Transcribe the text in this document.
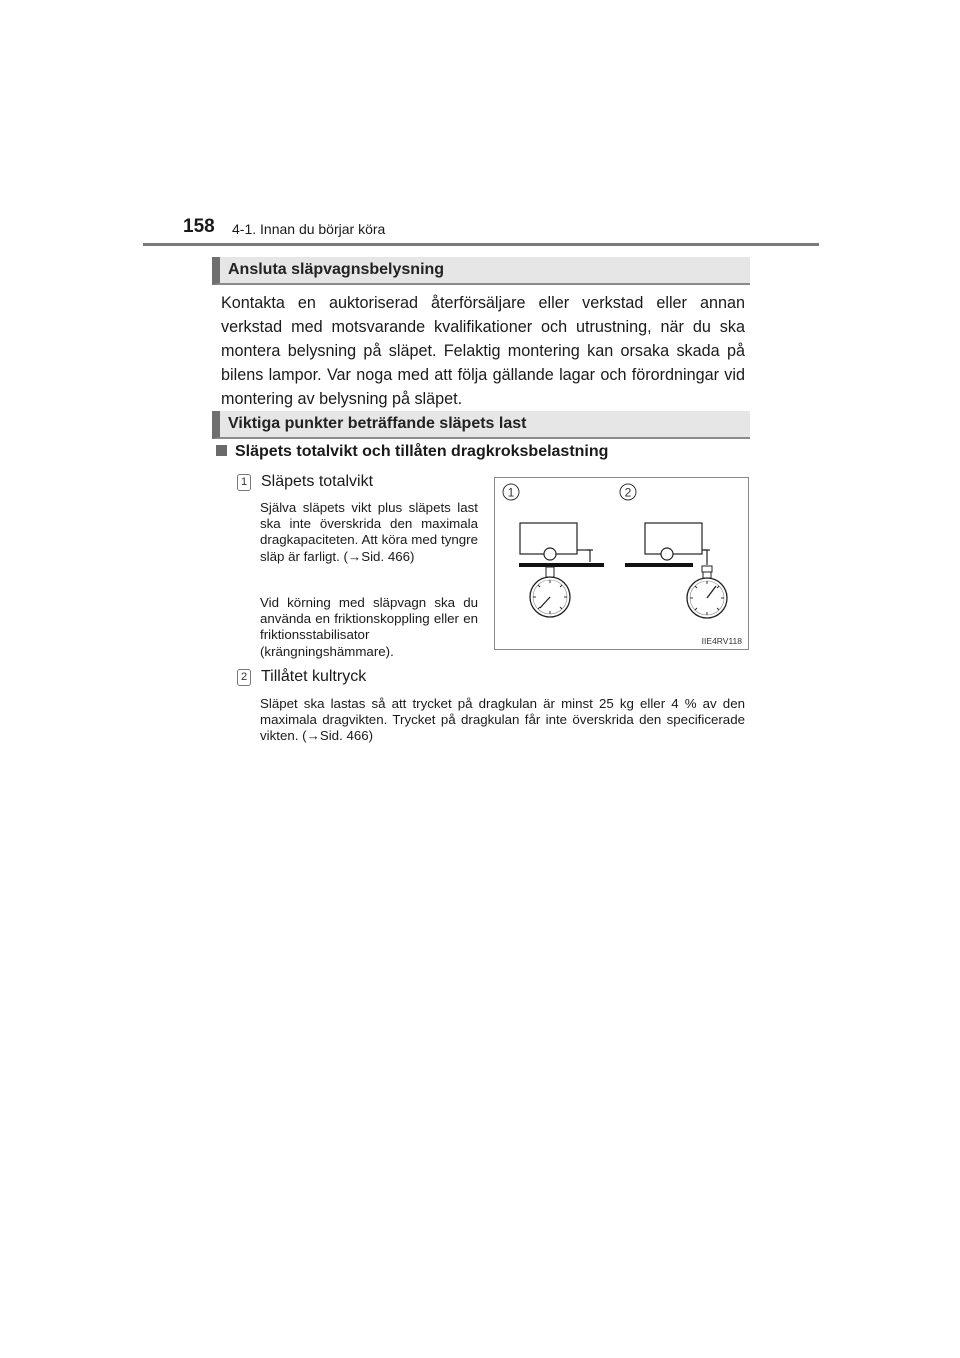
158 4-1. Innan du börjar köra
Ansluta släpvagnsbelysning
Kontakta en auktoriserad återförsäljare eller verkstad eller annan verkstad med motsvarande kvalifikationer och utrustning, när du ska montera belysning på släpet. Felaktig montering kan orsaka skada på bilens lampor. Var noga med att följa gällande lagar och förordningar vid montering av belysning på släpet.
Viktiga punkter beträffande släpets last
Släpets totalvikt och tillåten dragkroksbelastning
1 Släpets totalvikt
Själva släpets vikt plus släpets last ska inte överskrida den maximala dragkapaciteten. Att köra med tyngre släp är farligt. (→Sid. 466)
Vid körning med släpvagn ska du använda en friktionskoppling eller en friktionsstabilisator (krängningshämmare).
1	2
IIE4RV118
2 Tillåtet kultryck
Släpet ska lastas så att trycket på dragkulan är minst 25 kg eller 4 % av den maximala dragvikten. Trycket på dragkulan får inte överskrida den specificerade vikten. (→Sid. 466)
